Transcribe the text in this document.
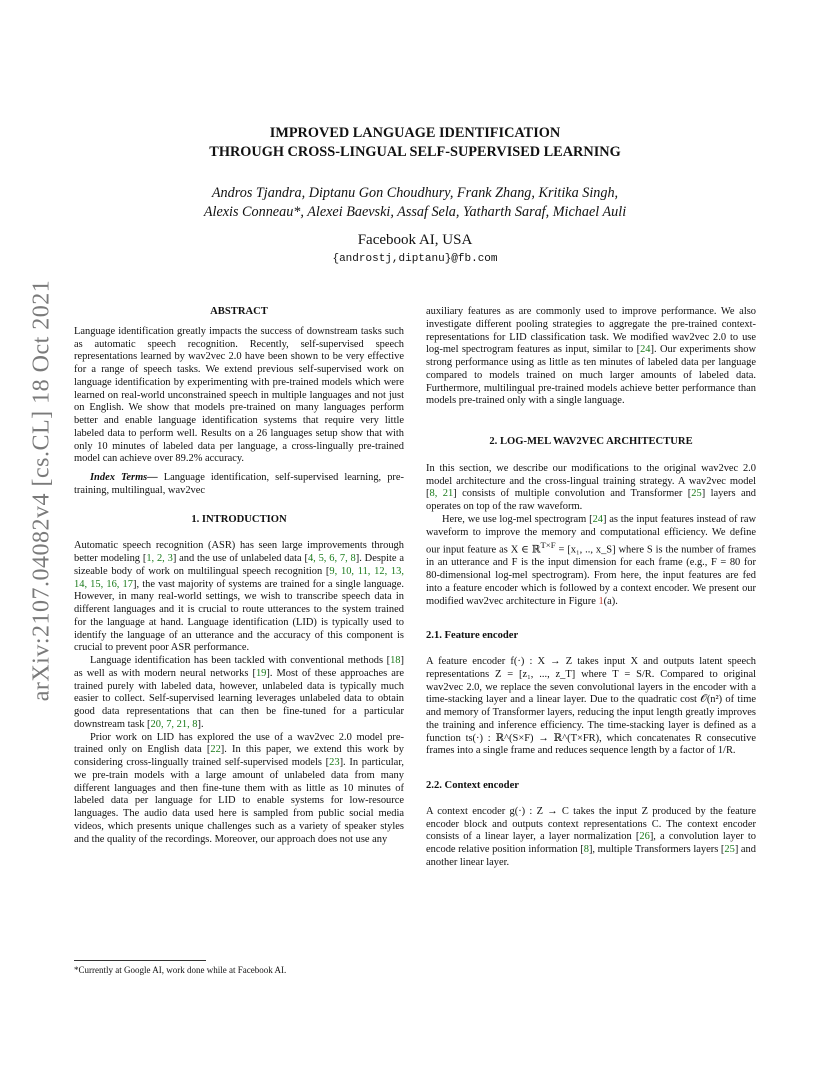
arXiv:2107.04082v4 [cs.CL] 18 Oct 2021
IMPROVED LANGUAGE IDENTIFICATION
THROUGH CROSS-LINGUAL SELF-SUPERVISED LEARNING
Andros Tjandra, Diptanu Gon Choudhury, Frank Zhang, Kritika Singh,
Alexis Conneau*, Alexei Baevski, Assaf Sela, Yatharth Saraf, Michael Auli
Facebook AI, USA
{androstj,diptanu}@fb.com

ABSTRACT

Language identification greatly impacts the success of downstream tasks such as automatic speech recognition. Recently, self-supervised speech representations learned by wav2vec 2.0 have been shown to be very effective for a range of speech tasks. We extend previous self-supervised work on language identification by experimenting with pre-trained models which were learned on real-world unconstrained speech in multiple languages and not just on English. We show that models pre-trained on many languages perform better and enable language identification systems that require very little labeled data to perform well. Results on a 26 languages setup show that with only 10 minutes of labeled data per language, a cross-lingually pre-trained model can achieve over 89.2% accuracy.

Index Terms— Language identification, self-supervised learning, pre-training, multilingual, wav2vec

1. INTRODUCTION

Automatic speech recognition (ASR) has seen large improvements through better modeling [1, 2, 3] and the use of unlabeled data [4, 5, 6, 7, 8]. Despite a sizeable body of work on multilingual speech recognition [9, 10, 11, 12, 13, 14, 15, 16, 17], the vast majority of systems are trained for a single language. However, in many real-world settings, we wish to transcribe speech data in different languages and it is crucial to route utterances to the system trained for the language at hand. Language identification (LID) is typically used to identify the language of an utterance and the accuracy of this component is crucial to prevent poor ASR performance.

Language identification has been tackled with conventional methods [18] as well as with modern neural networks [19]. Most of these approaches are trained purely with labeled data, however, unlabeled data is typically much easier to collect. Self-supervised learning leverages unlabeled data to obtain good data representations that can then be fine-tuned for a particular downstream task [20, 7, 21, 8].

Prior work on LID has explored the use of a wav2vec 2.0 model pre-trained only on English data [22]. In this paper, we extend this work by considering cross-lingually trained self-supervised models [23]. In particular, we pre-train models with a large amount of unlabeled data from many different languages and then fine-tune them with as little as 10 minutes of labeled data per language for LID to enable systems for low-resource languages. The audio data used here is sampled from public social media videos, which presents unique challenges such as a variety of speaker styles and the quality of the recordings. Moreover, our approach does not use any

*Currently at Google AI, work done while at Facebook AI.

auxiliary features as are commonly used to improve performance. We also investigate different pooling strategies to aggregate the pre-trained context-representations for LID classification task. We modified wav2vec 2.0 to use log-mel spectrogram features as input, similar to [24]. Our experiments show strong performance using as little as ten minutes of labeled data per language compared to models trained on much larger amounts of labeled data. Furthermore, multilingual pre-trained models achieve better performance than models pre-trained only with a single language.

2. LOG-MEL WAV2VEC ARCHITECTURE

In this section, we describe our modifications to the original wav2vec 2.0 model architecture and the cross-lingual training strategy. A wav2vec model [8, 21] consists of multiple convolution and Transformer [25] layers and operates on top of the raw waveform.

Here, we use log-mel spectrogram [24] as the input features instead of raw waveform to improve the memory and computational efficiency. We define our input feature as X ∈ ℝ$^{T\times F}$ = [x₁, .., x_S] where S is the number of frames in an utterance and F is the input dimension for each frame (e.g., F = 80 for 80-dimensional log-mel spectrogram). From here, the input features are fed into a feature encoder which is followed by a context encoder. We present our modified wav2vec architecture in Figure 1(a).

2.1. Feature encoder

A feature encoder f(·) : X → Z takes input X and outputs latent speech representations Z = [z₁, ..., z_T] where T = S/R. Compared to original wav2vec 2.0, we replace the seven convolutional layers in the encoder with a time-stacking layer and a linear layer. Due to the quadratic cost 𝒪(n²) of time and memory of Transformer layers, reducing the input length greatly improves the training and inference efficiency. The time-stacking layer is defined as a function ts(·) : ℝ^(S×F) → ℝ^(T×FR), which concatenates R consecutive frames into a single frame and reduces sequence length by a factor of 1/R.

2.2. Context encoder

A context encoder g(·) : Z → C takes the input Z produced by the feature encoder block and outputs context representations C. The context encoder consists of a linear layer, a layer normalization [26], a convolution layer to encode relative position information [8], multiple Transformers layers [25] and another linear layer.
